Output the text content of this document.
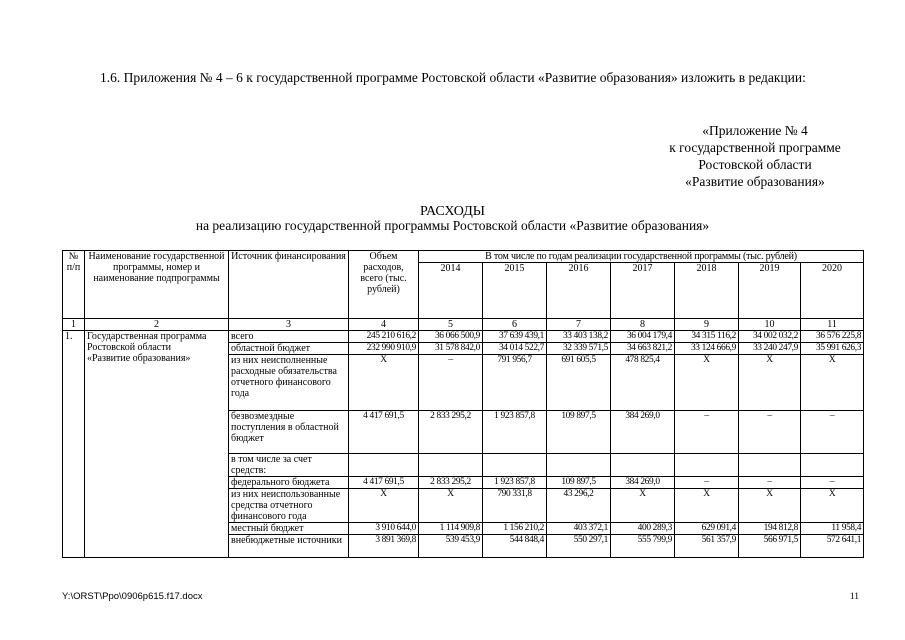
1.6. Приложения № 4 – 6 к государственной программе Ростовской области «Развитие образования» изложить в редакции:
«Приложение № 4
к государственной программе
Ростовской области
«Развитие образования»
РАСХОДЫ
на реализацию государственной программы Ростовской области «Развитие образования»
№ п/п	Наименование государственной программы, номер и наименование подпрограммы	Источник финансирования	Объем расходов, всего (тыс. рублей)	В том числе по годам реализации государственной программы (тыс. рублей)						
				2014	2015	2016	2017	2018	2019	2020
1	2	3	4	5	6	7	8	9	10	11
1.	Государственная программа Ростовской области «Развитие образования»	всего	245 210 616,2	36 066 500,9	37 639 439,1	33 403 138,2	36 004 179,4	34 315 116,2	34 002 032,2	36 576 225,8
		областной бюджет	232 990 910,9	31 578 842,0	34 014 522,7	32 339 571,5	34 663 821,2	33 124 666,9	33 240 247,9	35 991 626,3
		из них неисполненные расходные обязательства отчетного финансового года	X	–	791 956,7	691 605,5	478 825,4	X	X	X
		безвозмездные поступления в областной бюджет	4 417 691,5	2 833 295,2	1 923 857,8	109 897,5	384 269,0	–	–	–
		в том числе за счет средств:								
		федерального бюджета	4 417 691,5	2 833 295,2	1 923 857,8	109 897,5	384 269,0	–	–	–
		из них неиспользованные средства отчетного финансового года	X	X	790 331,8	43 296,2	X	X	X	X
		местный бюджет	3 910 644,0	1 114 909,8	1 156 210,2	403 372,1	400 289,3	629 091,4	194 812,8	11 958,4
		внебюджетные источники	3 891 369,8	539 453,9	544 848,4	550 297,1	555 799,9	561 357,9	566 971,5	572 641,1
Y:\ORST\Ppo\0906p615.f17.docx	11
